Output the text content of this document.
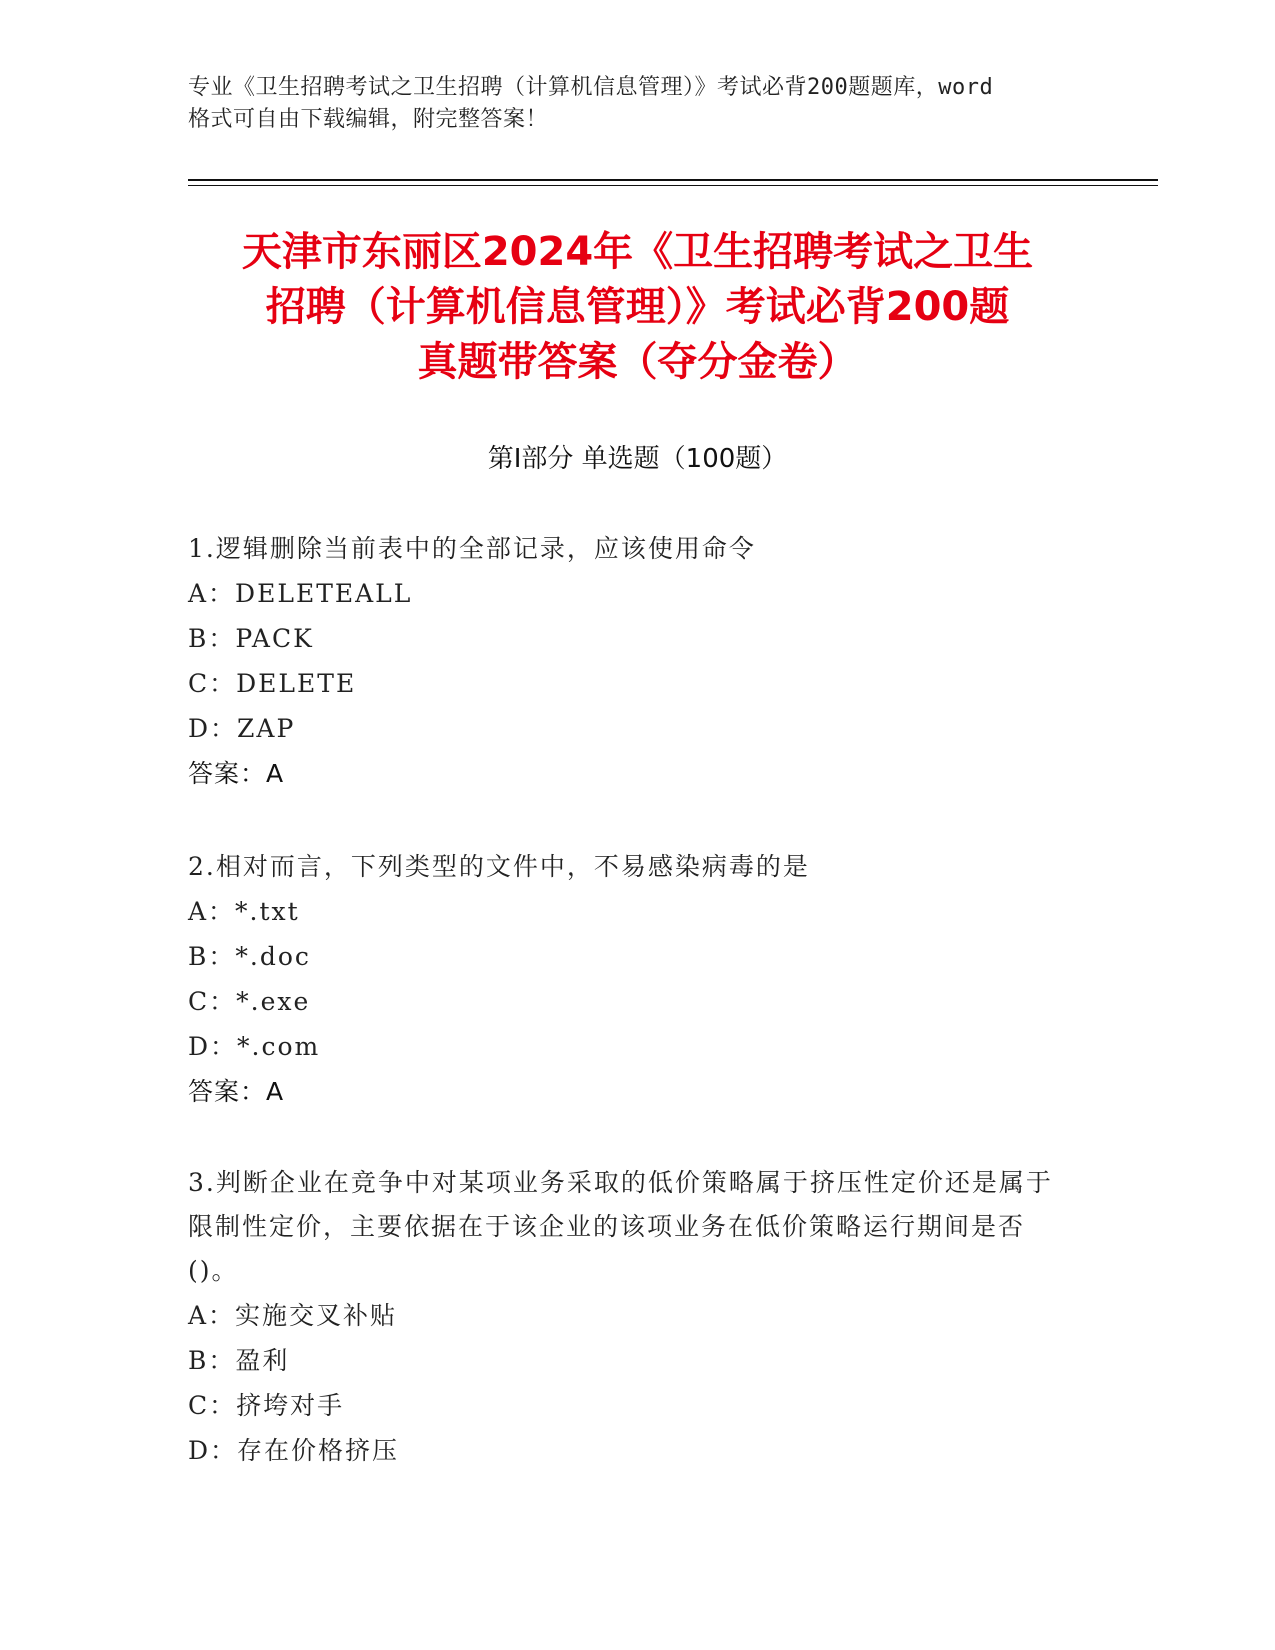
专业《卫生招聘考试之卫生招聘（计算机信息管理）》考试必背200题题库，word
格式可自由下载编辑，附完整答案！
天津市东丽区2024年《卫生招聘考试之卫生
招聘（计算机信息管理）》考试必背200题
真题带答案（夺分金卷）
第Ⅰ部分 单选题（100题）
1.逻辑删除当前表中的全部记录，应该使用命令
A：DELETEALL
B：PACK
C：DELETE
D：ZAP
答案：A
2.相对而言，下列类型的文件中，不易感染病毒的是
A：*.txt
B：*.doc
C：*.exe
D：*.com
答案：A
3.判断企业在竞争中对某项业务采取的低价策略属于挤压性定价还是属于限制性定价，主要依据在于该企业的该项业务在低价策略运行期间是否()。
A：实施交叉补贴
B：盈利
C：挤垮对手
D：存在价格挤压
